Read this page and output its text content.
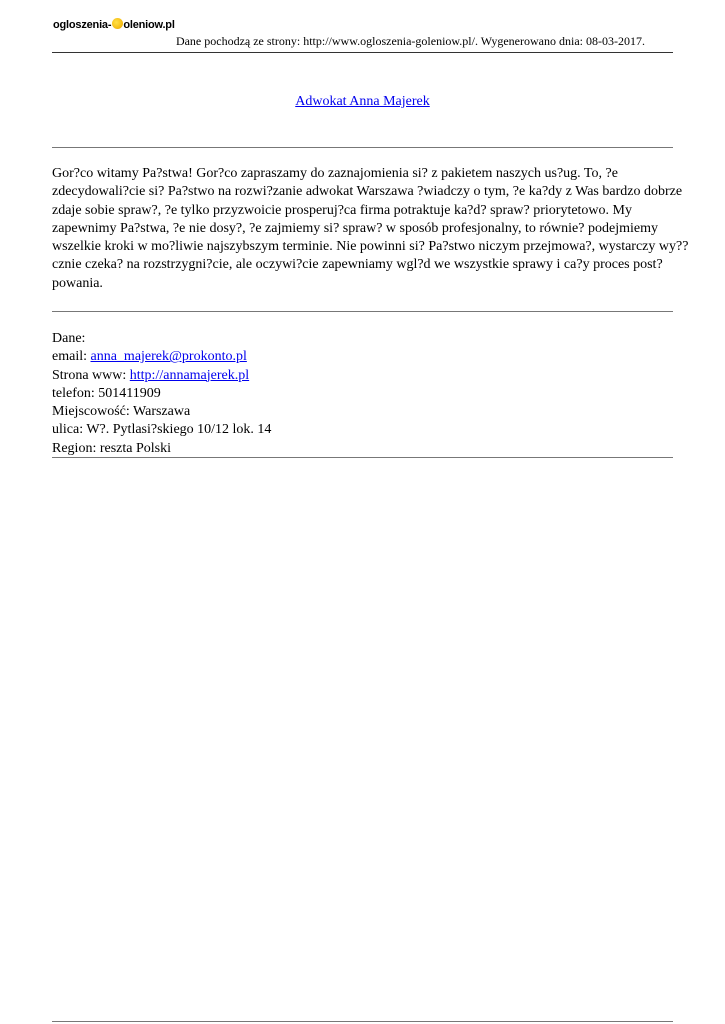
ogloszenia- oleniow.pl
Dane pochodzą ze strony: http://www.ogloszenia-goleniow.pl/. Wygenerowano dnia: 08-03-2017.
Adwokat Anna Majerek
Gor?co witamy Pa?stwa! Gor?co zapraszamy do zaznajomienia si? z pakietem naszych us?ug. To, ?e zdecydowali?cie si? Pa?stwo na rozwi?zanie adwokat Warszawa ?wiadczy o tym, ?e ka?dy z Was bardzo dobrze zdaje sobie spraw?, ?e tylko przyzwoicie prosperuj?ca firma potraktuje ka?d? spraw? priorytetowo. My zapewnimy Pa?stwa, ?e nie dosy?, ?e zajmiemy si? spraw? w sposób profesjonalny, to równie? podejmiemy wszelkie kroki w mo?liwie najszybszym terminie. Nie powinni si? Pa?stwo niczym przejmowa?, wystarczy wy??cznie czeka? na rozstrzygni?cie, ale oczywi?cie zapewniamy wgl?d we wszystkie sprawy i ca?y proces post?powania.
Dane:
email: anna_majerek@prokonto.pl
Strona www: http://annamajerek.pl
telefon: 501411909
Miejscowość: Warszawa
ulica: W?. Pytlasi?skiego 10/12 lok. 14
Region: reszta Polski
